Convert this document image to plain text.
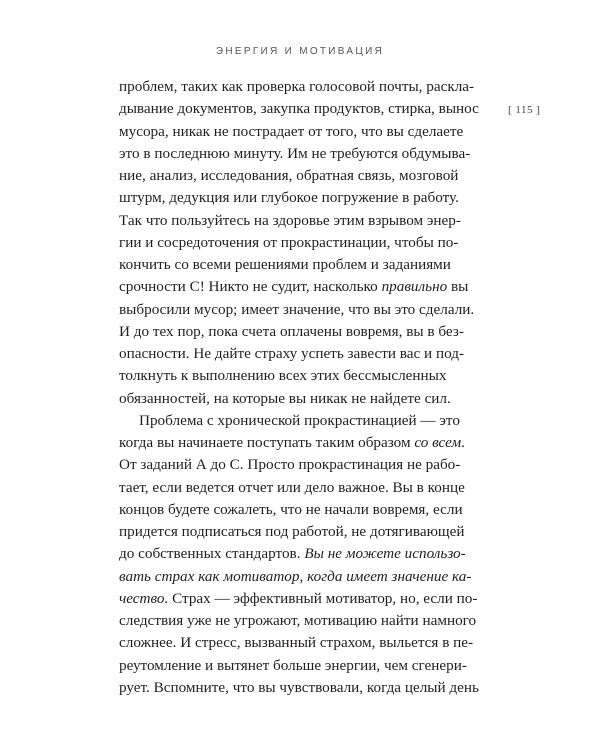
ЭНЕРГИЯ И МОТИВАЦИЯ
[ 115 ]
проблем, таких как проверка голосовой почты, раскла-
дывание документов, закупка продуктов, стирка, вынос
мусора, никак не пострадает от того, что вы сделаете
это в последнюю минуту. Им не требуются обдумыва-
ние, анализ, исследования, обратная связь, мозговой
штурм, дедукция или глубокое погружение в работу.
Так что пользуйтесь на здоровье этим взрывом энер-
гии и сосредоточения от прокрастинации, чтобы по-
кончить со всеми решениями проблем и заданиями
срочности С! Никто не судит, насколько правильно вы
выбросили мусор; имеет значение, что вы это сделали.
И до тех пор, пока счета оплачены вовремя, вы в без-
опасности. Не дайте страху успеть завести вас и под-
толкнуть к выполнению всех этих бессмысленных
обязанностей, на которые вы никак не найдете сил.
Проблема с хронической прокрастинацией — это
когда вы начинаете поступать таким образом со всем.
От заданий А до С. Просто прокрастинация не рабо-
тает, если ведется отчет или дело важное. Вы в конце
концов будете сожалеть, что не начали вовремя, если
придется подписаться под работой, не дотягивающей
до собственных стандартов. Вы не можете использо-
вать страх как мотиватор, когда имеет значение ка-
чество. Страх — эффективный мотиватор, но, если по-
следствия уже не угрожают, мотивацию найти намного
сложнее. И стресс, вызванный страхом, выльется в пе-
реутомление и вытянет больше энергии, чем сгенери-
рует. Вспомните, что вы чувствовали, когда целый день
